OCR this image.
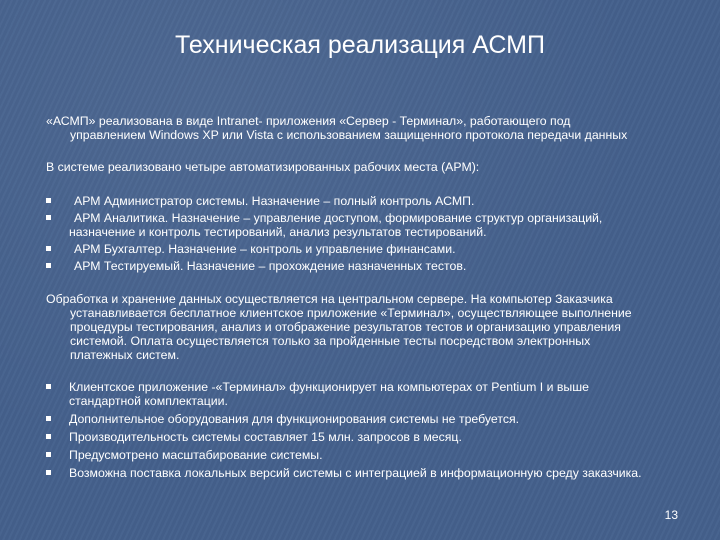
Техническая реализация АСМП
«АСМП» реализована в виде Intranet- приложения «Сервер - Терминал», работающего под
управлением Windows XP или Vista с использованием защищенного протокола передачи данных
В системе реализовано четыре автоматизированных рабочих места (АРМ):
АРМ Администратор системы. Назначение – полный контроль АСМП.
АРМ Аналитика. Назначение – управление доступом, формирование структур организаций,
назначение и контроль тестирований, анализ результатов тестирований.
АРМ Бухгалтер. Назначение – контроль и управление финансами.
АРМ Тестируемый. Назначение – прохождение назначенных тестов.
Обработка и хранение данных осуществляется на центральном сервере. На компьютер Заказчика
устанавливается бесплатное клиентское приложение «Терминал», осуществляющее выполнение
процедуры тестирования, анализ и отображение результатов тестов и организацию управления
системой. Оплата осуществляется только за пройденные тесты посредством электронных
платежных систем.
Клиентское приложение -«Терминал» функционирует на компьютерах от Pentium I и выше
стандартной комплектации.
Дополнительное оборудования для функционирования системы не требуется.
Производительность системы составляет 15 млн. запросов в месяц.
Предусмотрено масштабирование системы.
Возможна поставка локальных версий системы с интеграцией в информационную среду заказчика.
13
